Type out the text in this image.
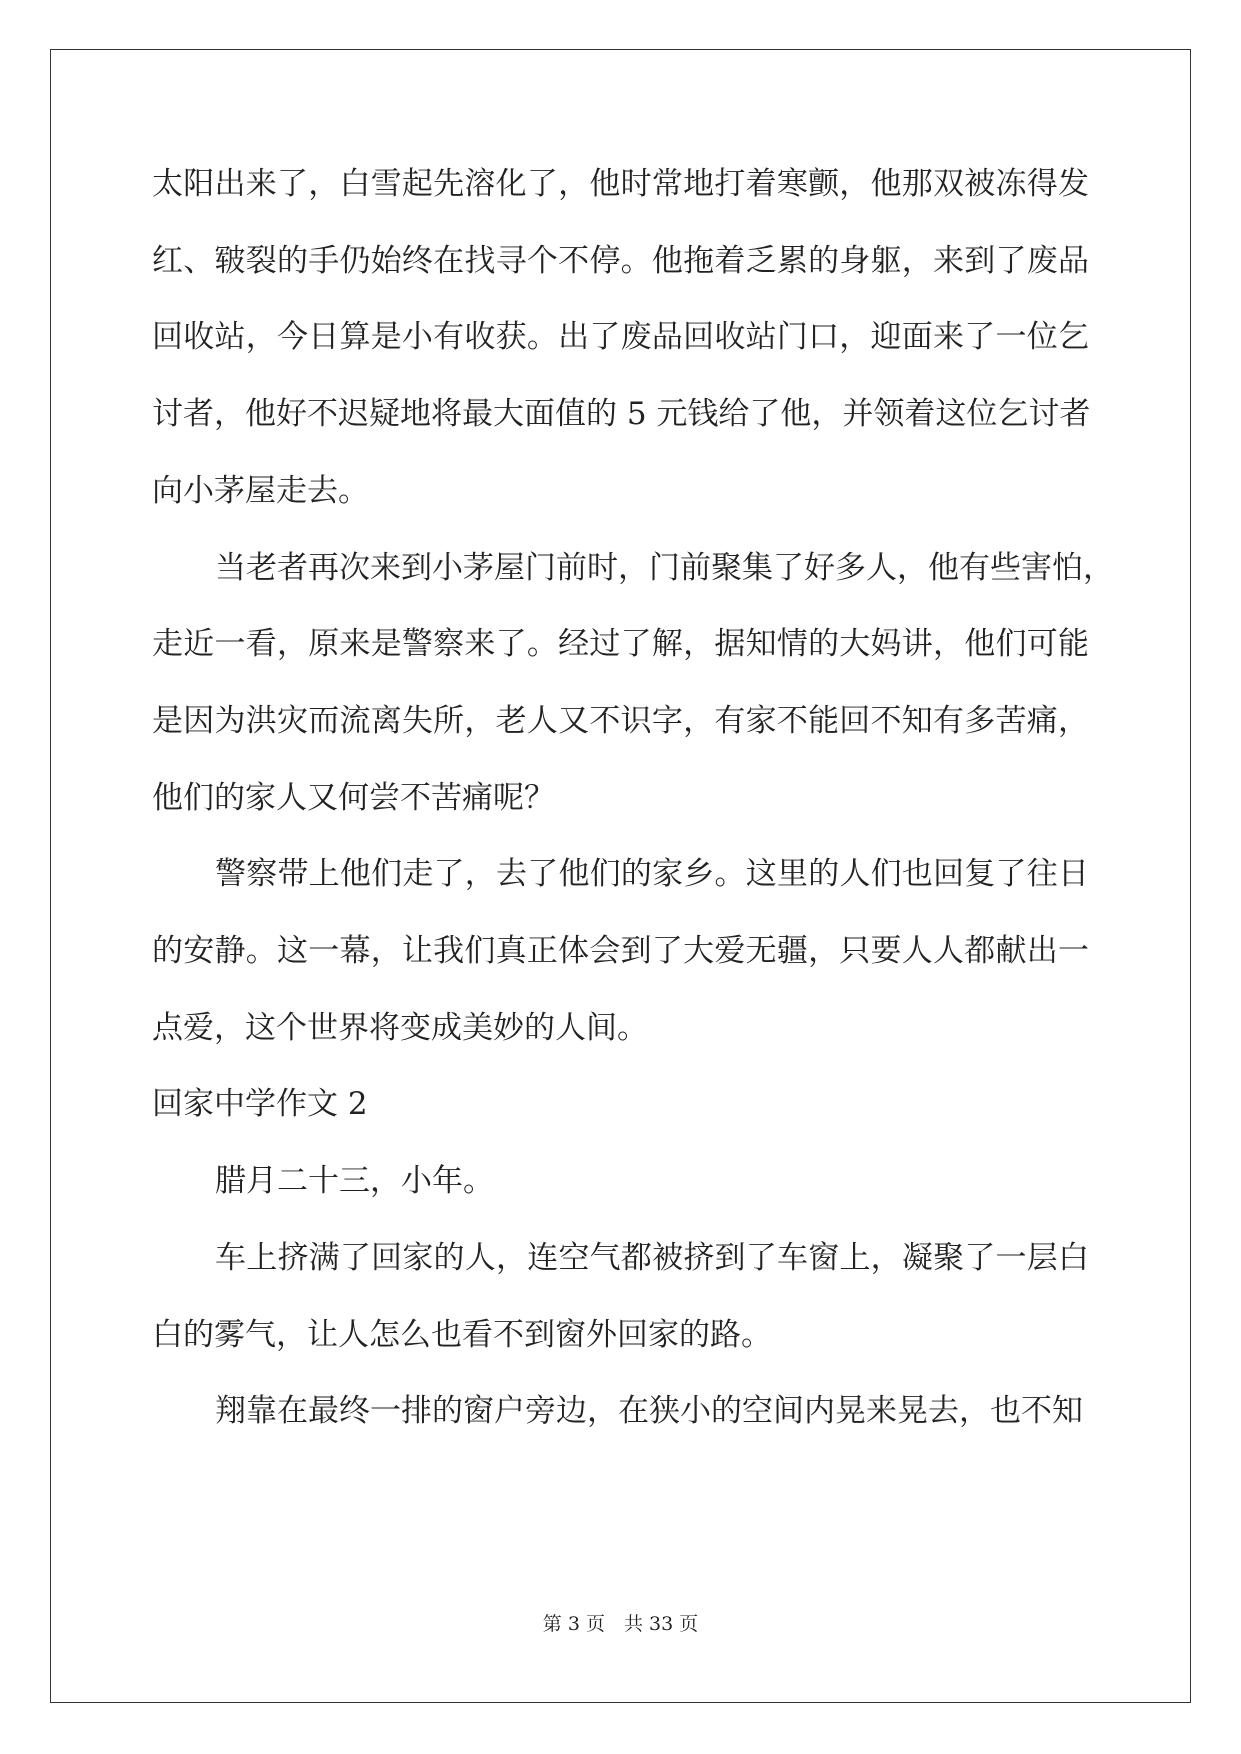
太阳出来了，白雪起先溶化了，他时常地打着寒颤，他那双被冻得发
红、皲裂的手仍始终在找寻个不停。他拖着乏累的身躯，来到了废品
回收站，今日算是小有收获。出了废品回收站门口，迎面来了一位乞
讨者，他好不迟疑地将最大面值的 5 元钱给了他，并领着这位乞讨者
向小茅屋走去。
当老者再次来到小茅屋门前时，门前聚集了好多人，他有些害怕，
走近一看，原来是警察来了。经过了解，据知情的大妈讲，他们可能
是因为洪灾而流离失所，老人又不识字，有家不能回不知有多苦痛，
他们的家人又何尝不苦痛呢？
警察带上他们走了，去了他们的家乡。这里的人们也回复了往日
的安静。这一幕，让我们真正体会到了大爱无疆，只要人人都献出一
点爱，这个世界将变成美妙的人间。
回家中学作文 2
腊月二十三，小年。
车上挤满了回家的人，连空气都被挤到了车窗上，凝聚了一层白
白的雾气，让人怎么也看不到窗外回家的路。
翔靠在最终一排的窗户旁边，在狭小的空间内晃来晃去，也不知
第 3 页　共 33 页
